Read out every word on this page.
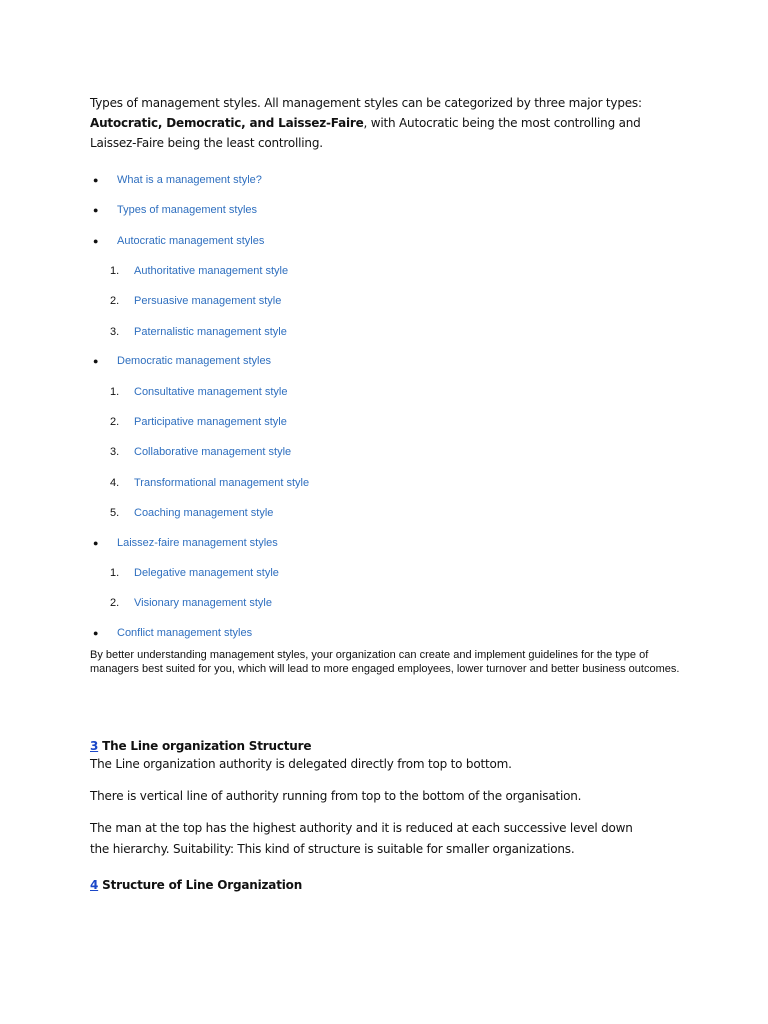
Types of management styles. All management styles can be categorized by three major types: Autocratic, Democratic, and Laissez-Faire, with Autocratic being the most controlling and Laissez-Faire being the least controlling.
● What is a management style?
● Types of management styles
● Autocratic management styles
1. Authoritative management style
2. Persuasive management style
3. Paternalistic management style
● Democratic management styles
1. Consultative management style
2. Participative management style
3. Collaborative management style
4. Transformational management style
5. Coaching management style
● Laissez-faire management styles
1. Delegative management style
2. Visionary management style
● Conflict management styles
By better understanding management styles, your organization can create and implement guidelines for the type of managers best suited for you, which will lead to more engaged employees, lower turnover and better business outcomes.
3 The Line organization Structure
The Line organization authority is delegated directly from top to bottom.
There is vertical line of authority running from top to the bottom of the organisation.
The man at the top has the highest authority and it is reduced at each successive level down the hierarchy. Suitability: This kind of structure is suitable for smaller organizations.
4 Structure of Line Organization
